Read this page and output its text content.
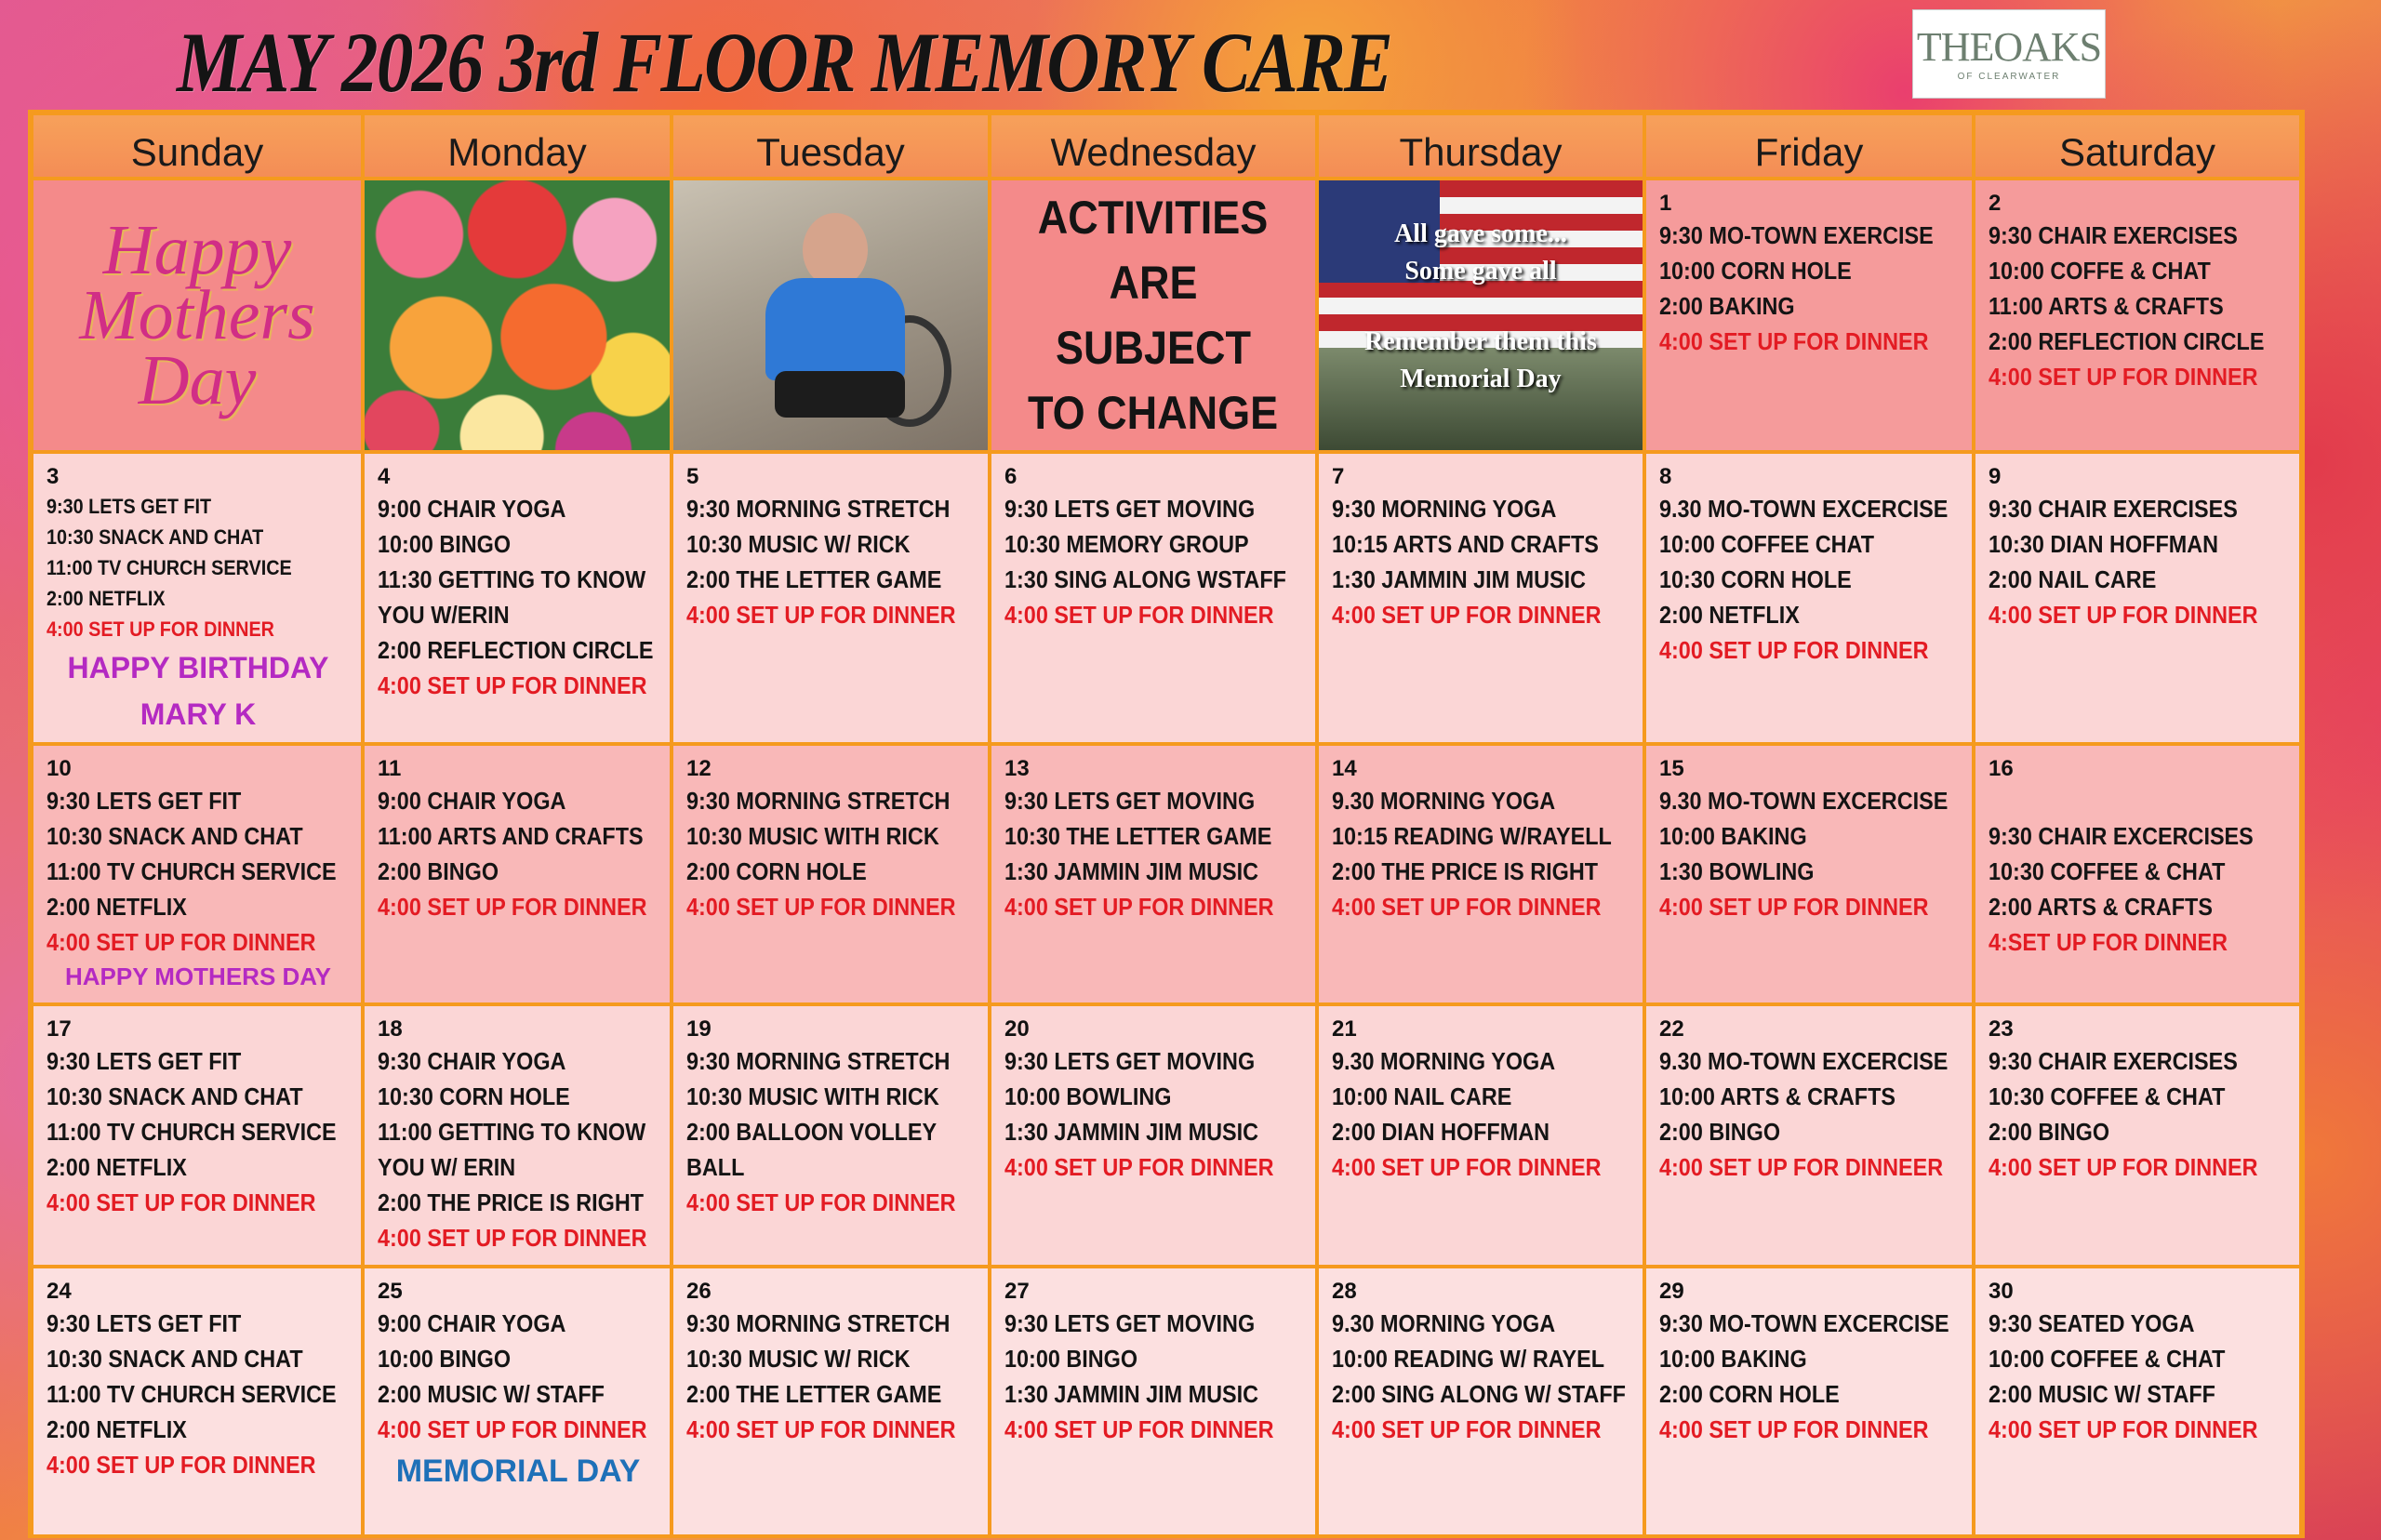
MAY 2026 3rd FLOOR MEMORY CARE	THEOAKS
OF CLEARWATER
Sunday	Monday	Tuesday	Wednesday	Thursday	Friday	Saturday
Happy
Mothers
Day
ACTIVITIES
ARE SUBJECT
TO CHANGE
All gave some...
Some gave all
Remember them this
Memorial Day
1
9:30 MO-TOWN EXERCISE
10:00 CORN HOLE
2:00 BAKING
4:00 SET UP FOR DINNER
2
9:30 CHAIR EXERCISES
10:00 COFFE & CHAT
11:00 ARTS & CRAFTS
2:00 REFLECTION CIRCLE
4:00 SET UP FOR DINNER
3
9:30 LETS GET FIT
10:30 SNACK AND CHAT
11:00 TV CHURCH SERVICE
2:00 NETFLIX
4:00 SET UP FOR DINNER
HAPPY BIRTHDAY
MARY K
4
9:00 CHAIR YOGA
10:00 BINGO
11:30 GETTING TO KNOW
YOU W/ERIN
2:00 REFLECTION CIRCLE
4:00 SET UP FOR DINNER
5
9:30 MORNING STRETCH
10:30 MUSIC W/ RICK
2:00 THE LETTER GAME
4:00 SET UP FOR DINNER
6
9:30 LETS GET MOVING
10:30 MEMORY GROUP
1:30 SING ALONG WSTAFF
4:00 SET UP FOR DINNER
7
9:30 MORNING YOGA
10:15 ARTS AND CRAFTS
1:30 JAMMIN JIM MUSIC
4:00 SET UP FOR DINNER
8
9.30 MO-TOWN EXCERCISE
10:00 COFFEE CHAT
10:30 CORN HOLE
2:00 NETFLIX
4:00 SET UP FOR DINNER
9
9:30 CHAIR EXERCISES
10:30 DIAN HOFFMAN
2:00 NAIL CARE
4:00 SET UP FOR DINNER
10
9:30 LETS GET FIT
10:30 SNACK AND CHAT
11:00 TV CHURCH SERVICE
2:00 NETFLIX
4:00 SET UP FOR DINNER
HAPPY MOTHERS DAY
11
9:00 CHAIR YOGA
11:00 ARTS AND CRAFTS
2:00 BINGO
4:00 SET UP FOR DINNER
12
9:30 MORNING STRETCH
10:30 MUSIC WITH RICK
2:00 CORN HOLE
4:00 SET UP FOR DINNER
13
9:30 LETS GET MOVING
10:30 THE LETTER GAME
1:30 JAMMIN JIM MUSIC
4:00 SET UP FOR DINNER
14
9.30 MORNING YOGA
10:15 READING W/RAYELL
2:00 THE PRICE IS RIGHT
4:00 SET UP FOR DINNER
15
9.30 MO-TOWN EXCERCISE
10:00 BAKING
1:30 BOWLING
4:00 SET UP FOR DINNER
16

9:30 CHAIR EXCERCISES
10:30 COFFEE & CHAT
2:00 ARTS & CRAFTS
4:SET UP FOR DINNER
17
9:30 LETS GET FIT
10:30 SNACK AND CHAT
11:00 TV CHURCH SERVICE
2:00 NETFLIX
4:00 SET UP FOR DINNER
18
9:30 CHAIR YOGA
10:30 CORN HOLE
11:00 GETTING TO KNOW
YOU W/ ERIN
2:00 THE PRICE IS RIGHT
4:00 SET UP FOR DINNER
19
9:30 MORNING STRETCH
10:30 MUSIC WITH RICK
2:00 BALLOON VOLLEY
BALL
4:00 SET UP FOR DINNER
20
9:30 LETS GET MOVING
10:00 BOWLING
1:30 JAMMIN JIM MUSIC
4:00 SET UP FOR DINNER
21
9.30 MORNING YOGA
10:00 NAIL CARE
2:00 DIAN HOFFMAN
4:00 SET UP FOR DINNER
22
9.30 MO-TOWN EXCERCISE
10:00 ARTS & CRAFTS
2:00 BINGO
4:00 SET UP FOR DINNEER
23
9:30 CHAIR EXERCISES
10:30 COFFEE & CHAT
2:00 BINGO
4:00 SET UP FOR DINNER
24
9:30 LETS GET FIT
10:30 SNACK AND CHAT
11:00 TV CHURCH SERVICE
2:00 NETFLIX
4:00 SET UP FOR DINNER
25
9:00 CHAIR YOGA
10:00 BINGO
2:00 MUSIC W/ STAFF
4:00 SET UP FOR DINNER
MEMORIAL DAY
26
9:30 MORNING STRETCH
10:30 MUSIC W/ RICK
2:00 THE LETTER GAME
4:00 SET UP FOR DINNER
27
9:30 LETS GET MOVING
10:00 BINGO
1:30 JAMMIN JIM MUSIC
4:00 SET UP FOR DINNER
28
9.30 MORNING YOGA
10:00 READING W/ RAYEL
2:00 SING ALONG W/ STAFF
4:00 SET UP FOR DINNER
29
9:30 MO-TOWN EXCERCISE
10:00 BAKING
2:00 CORN HOLE
4:00 SET UP FOR DINNER
30
9:30 SEATED YOGA
10:00 COFFEE & CHAT
2:00 MUSIC W/ STAFF
4:00 SET UP FOR DINNER
